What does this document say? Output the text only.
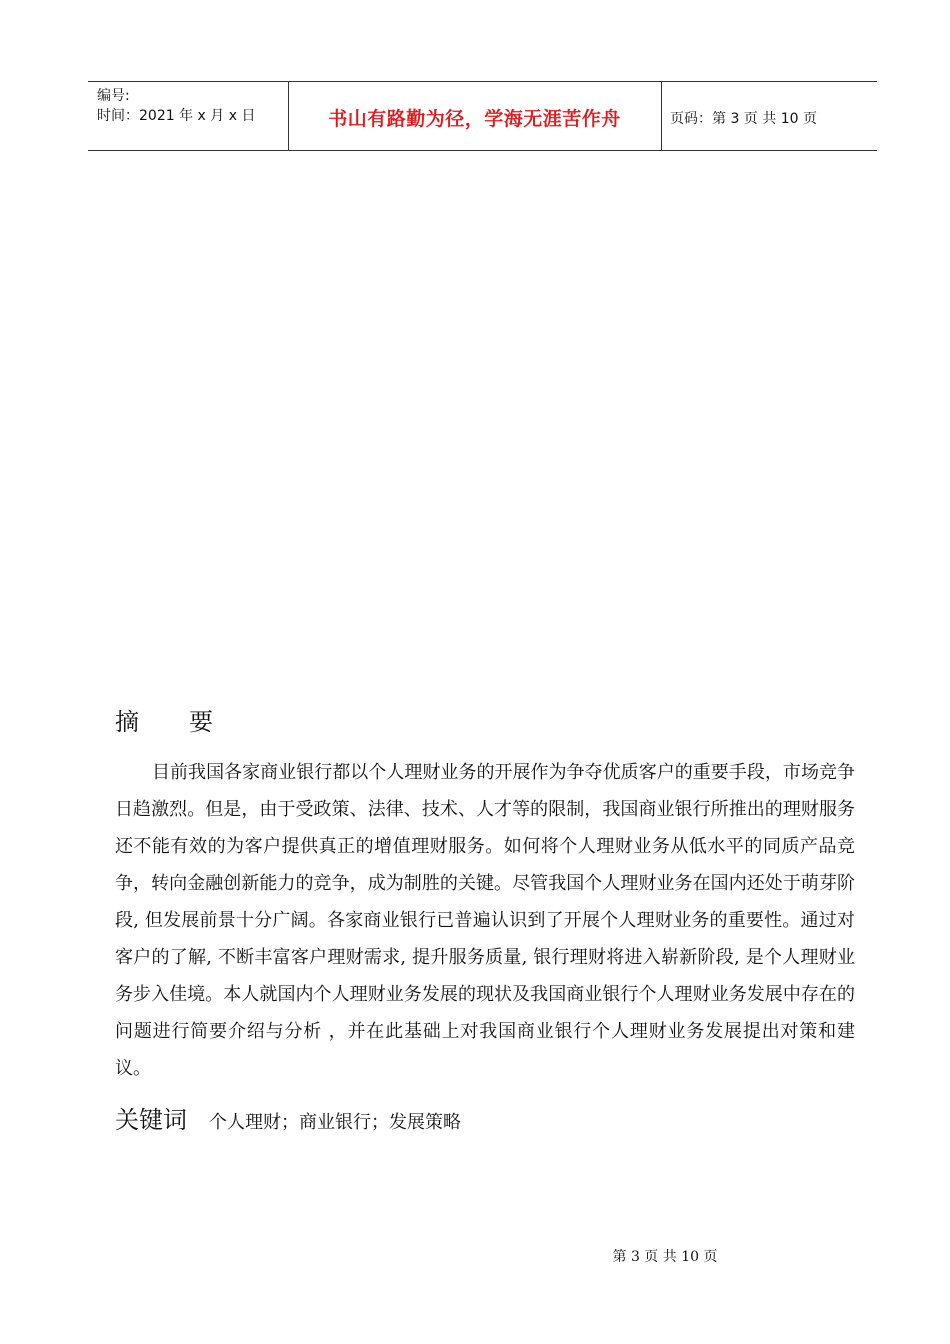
编号:
时间：2021 年 x 月 x 日	书山有路勤为径，学海无涯苦作舟	页码：第 3 页 共 10 页
摘 要

目前我国各家商业银行都以个人理财业务的开展作为争夺优质客户的重要手段，市场竞争日趋激烈。但是，由于受政策、法律、技术、人才等的限制，我国商业银行所推出的理财服务还不能有效的为客户提供真正的增值理财服务。如何将个人理财业务从低水平的同质产品竞争，转向金融创新能力的竞争，成为制胜的关键。尽管我国个人理财业务在国内还处于萌芽阶段, 但发展前景十分广阔。各家商业银行已普遍认识到了开展个人理财业务的重要性。通过对客户的了解, 不断丰富客户理财需求, 提升服务质量, 银行理财将进入崭新阶段, 是个人理财业务步入佳境。本人就国内个人理财业务发展的现状及我国商业银行个人理财业务发展中存在的问题进行简要介绍与分析 ，并在此基础上对我国商业银行个人理财业务发展提出对策和建议。

关键词 个人理财；商业银行；发展策略
第 3 页 共 10 页
